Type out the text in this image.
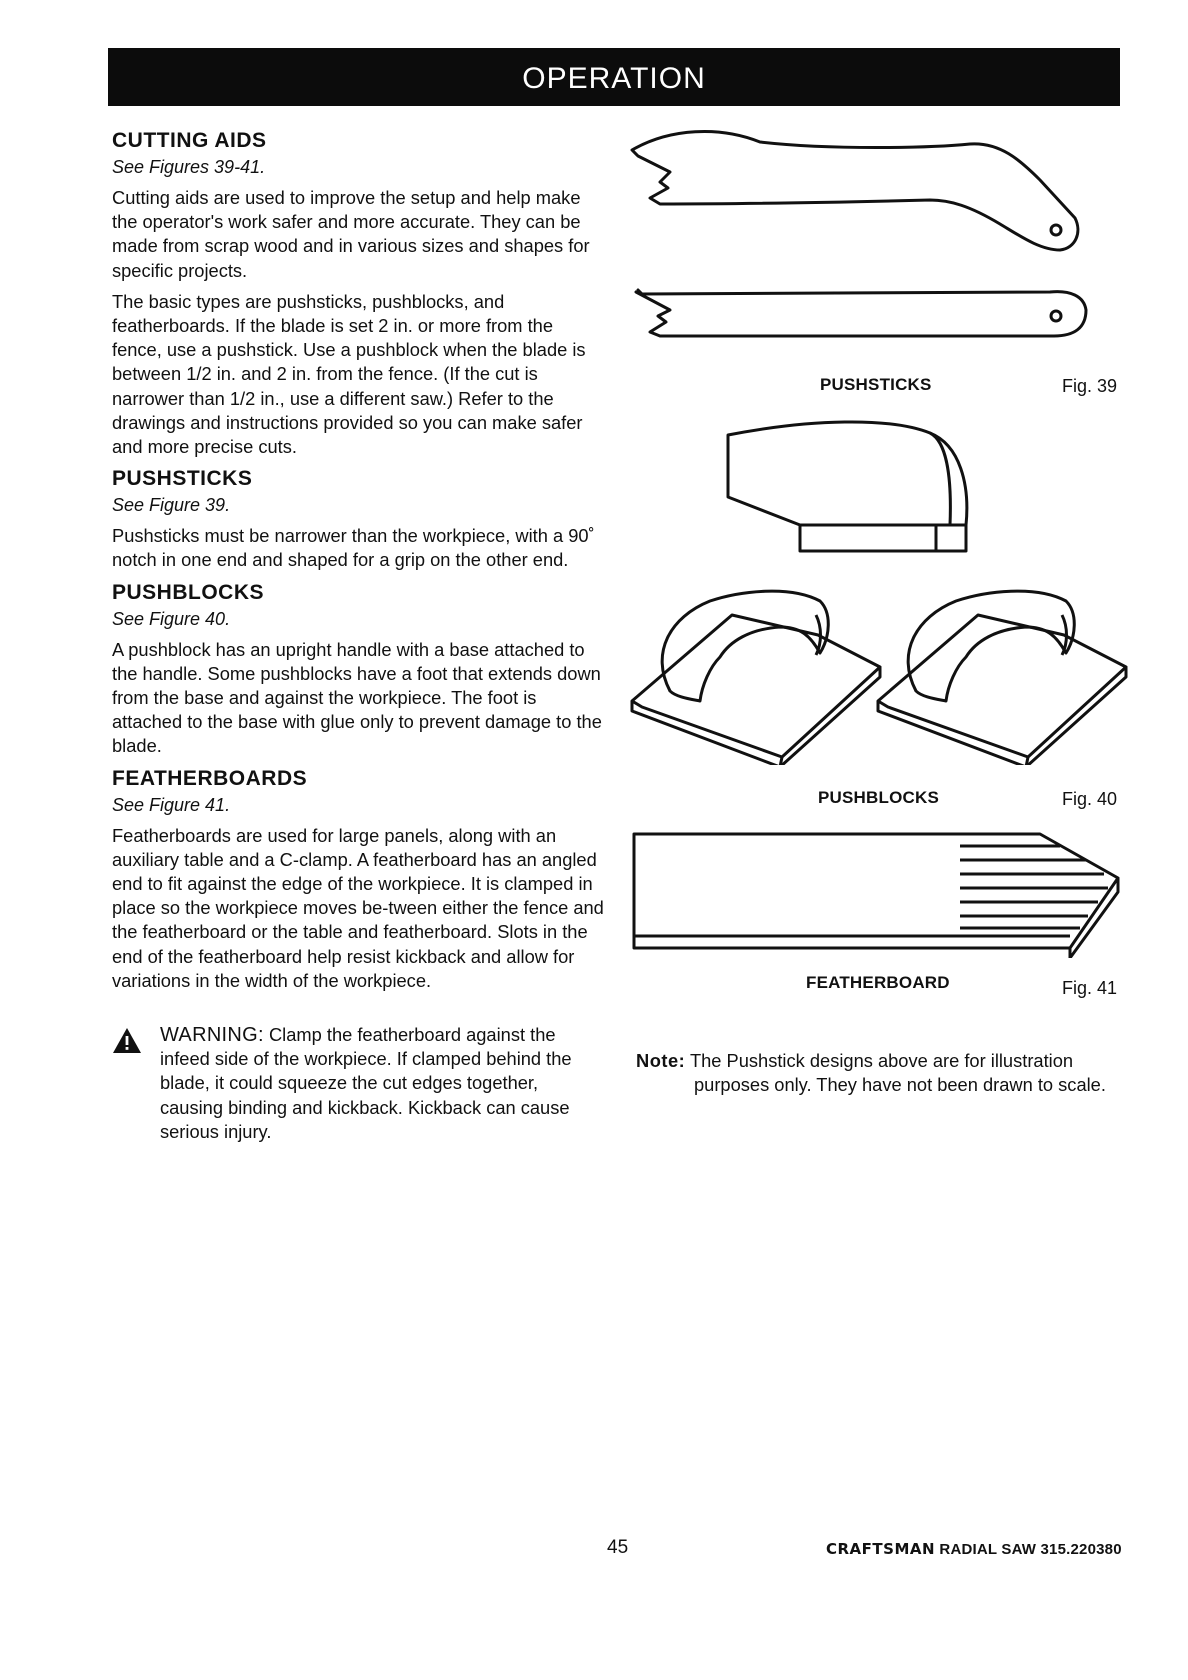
OPERATION
CUTTING AIDS
See Figures 39-41.

Cutting aids are used to improve the setup and help make the operator's work safer and more accurate. They can be made from scrap wood and in various sizes and shapes for specific projects.

The basic types are pushsticks, pushblocks, and featherboards. If the blade is set 2 in. or more from the fence, use a pushstick. Use a pushblock when the blade is between 1/2 in. and 2 in. from the fence. (If the cut is narrower than 1/2 in., use a different saw.) Refer to the drawings and instructions provided so you can make safer and more precise cuts.

PUSHSTICKS
See Figure 39.

Pushsticks must be narrower than the workpiece, with a 90˚ notch in one end and shaped for a grip on the other end.

PUSHBLOCKS
See Figure 40.

A pushblock has an upright handle with a base attached to the handle. Some pushblocks have a foot that extends down from the base and against the workpiece. The foot is attached to the base with glue only to prevent damage to the blade.

FEATHERBOARDS
See Figure 41.

Featherboards are used for large panels, along with an auxiliary table and a C-clamp. A featherboard has an angled end to fit against the edge of the workpiece. It is clamped in place so the workpiece moves be-tween either the fence and the featherboard or the table and featherboard. Slots in the end of the featherboard help resist kickback and allow for variations in the width of the workpiece.

WARNING: Clamp the featherboard against the infeed side of the workpiece. If clamped behind the blade, it could squeeze the cut edges together, causing binding and kickback. Kickback can cause serious injury.
PUSHSTICKS	Fig. 39
PUSHBLOCKS	Fig. 40
FEATHERBOARD	Fig. 41
Note: The Pushstick designs above are for illustration
purposes only. They have not been drawn to scale.
45	CRAFTSMAN RADIAL SAW 315.220380
